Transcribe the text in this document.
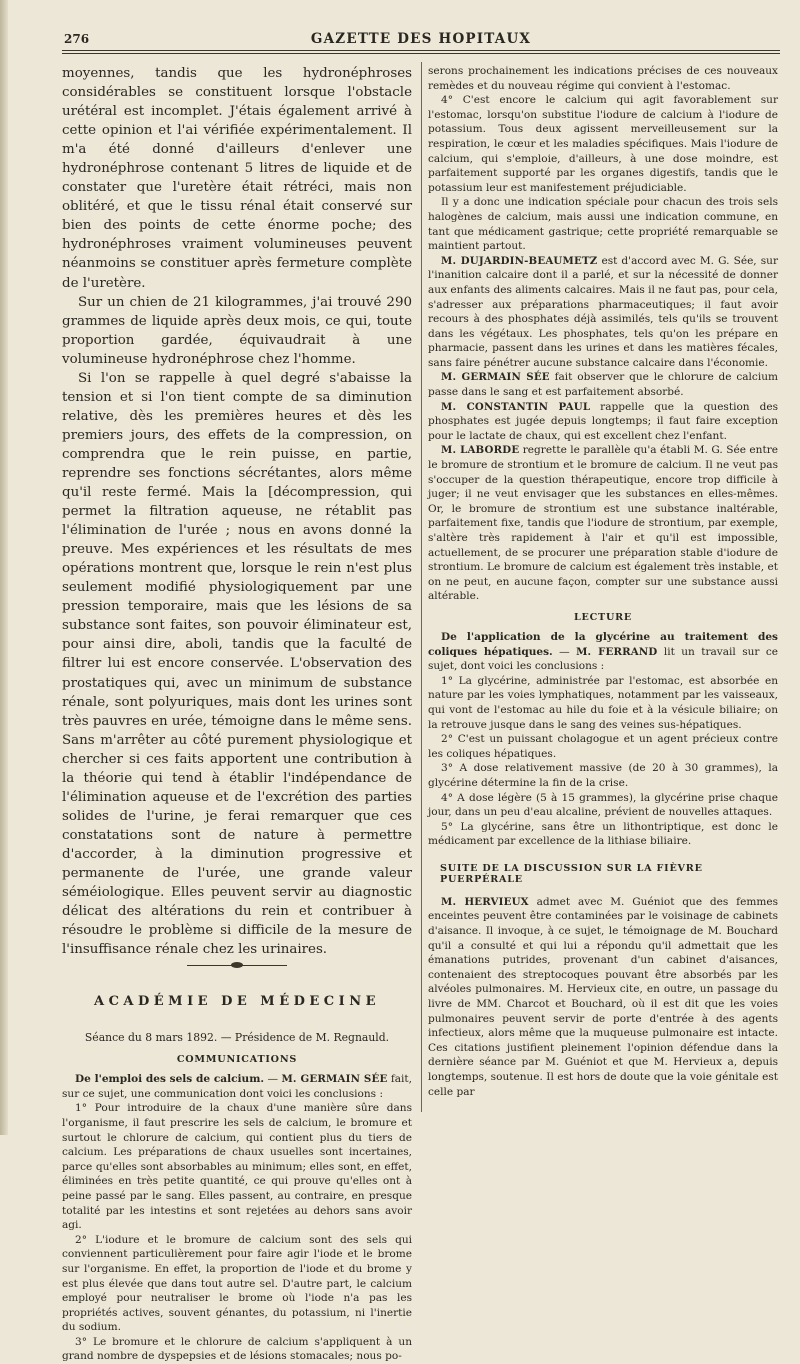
276	GAZETTE DES HOPITAUX

moyennes, tandis que les hydronéphroses considérables se constituent lorsque l'obstacle urétéral est incomplet. J'étais également arrivé à cette opinion et l'ai vérifiée expérimentalement. Il m'a été donné d'ailleurs d'enlever une hydronéphrose contenant 5 litres de liquide et de constater que l'uretère était rétréci, mais non oblitéré, et que le tissu rénal était conservé sur bien des points de cette énorme poche; des hydronéphroses vraiment volumineuses peuvent néanmoins se constituer après fermeture complète de l'uretère.

Sur un chien de 21 kilogrammes, j'ai trouvé 290 grammes de liquide après deux mois, ce qui, toute proportion gardée, équivaudrait à une volumineuse hydronéphrose chez l'homme.

Si l'on se rappelle à quel degré s'abaisse la tension et si l'on tient compte de sa diminution relative, dès les premières heures et dès les premiers jours, des effets de la compression, on comprendra que le rein puisse, en partie, reprendre ses fonctions sécrétantes, alors même qu'il reste fermé. Mais la [décompression, qui permet la filtration aqueuse, ne rétablit pas l'élimination de l'urée ; nous en avons donné la preuve. Mes expériences et les résultats de mes opérations montrent que, lorsque le rein n'est plus seulement modifié physiologiquement par une pression temporaire, mais que les lésions de sa substance sont faites, son pouvoir éliminateur est, pour ainsi dire, aboli, tandis que la faculté de filtrer lui est encore conservée. L'observation des prostatiques qui, avec un minimum de substance rénale, sont polyuriques, mais dont les urines sont très pauvres en urée, témoigne dans le même sens. Sans m'arrêter au côté purement physiologique et chercher si ces faits apportent une contribution à la théorie qui tend à établir l'indépendance de l'élimination aqueuse et de l'excrétion des parties solides de l'urine, je ferai remarquer que ces constatations sont de nature à permettre d'accorder, à la diminution progressive et permanente de l'urée, une grande valeur séméiologique. Elles peuvent servir au diagnostic délicat des altérations du rein et contribuer à résoudre le problème si difficile de la mesure de l'insuffisance rénale chez les urinaires.

ACADÉMIE DE MÉDECINE
Séance du 8 mars 1892. — Présidence de M. Regnauld.
COMMUNICATIONS

De l'emploi des sels de calcium. — M. GERMAIN SÉE fait, sur ce sujet, une communication dont voici les conclusions :

1° Pour introduire de la chaux d'une manière sûre dans l'organisme, il faut prescrire les sels de calcium, le bromure et surtout le chlorure de calcium, qui contient plus du tiers de calcium. Les préparations de chaux usuelles sont incertaines, parce qu'elles sont absorbables au minimum; elles sont, en effet, éliminées en très petite quantité, ce qui prouve qu'elles ont à peine passé par le sang. Elles passent, au contraire, en presque totalité par les intestins et sont rejetées au dehors sans avoir agi.

2° L'iodure et le bromure de calcium sont des sels qui conviennent particulièrement pour faire agir l'iode et le brome sur l'organisme. En effet, la proportion de l'iode et du brome y est plus élevée que dans tout autre sel. D'autre part, le calcium employé pour neutraliser le brome où l'iode n'a pas les propriétés actives, souvent génantes, du potassium, ni l'inertie du sodium.

3° Le bromure et le chlorure de calcium s'appliquent à un grand nombre de dyspepsies et de lésions stomacales; nous po-

serons prochainement les indications précises de ces nouveaux remèdes et du nouveau régime qui convient à l'estomac.

4° C'est encore le calcium qui agit favorablement sur l'estomac, lorsqu'on substitue l'iodure de calcium à l'iodure de potassium. Tous deux agissent merveilleusement sur la respiration, le cœur et les maladies spécifiques. Mais l'iodure de calcium, qui s'emploie, d'ailleurs, à une dose moindre, est parfaitement supporté par les organes digestifs, tandis que le potassium leur est manifestement préjudiciable.

Il y a donc une indication spéciale pour chacun des trois sels halogènes de calcium, mais aussi une indication commune, en tant que médicament gastrique; cette propriété remarquable se maintient partout.

M. DUJARDIN-BEAUMETZ est d'accord avec M. G. Sée, sur l'inanition calcaire dont il a parlé, et sur la nécessité de donner aux enfants des aliments calcaires. Mais il ne faut pas, pour cela, s'adresser aux préparations pharmaceutiques; il faut avoir recours à des phosphates déjà assimilés, tels qu'ils se trouvent dans les végétaux. Les phosphates, tels qu'on les prépare en pharmacie, passent dans les urines et dans les matières fécales, sans faire pénétrer aucune substance calcaire dans l'économie.

M. GERMAIN SÉE fait observer que le chlorure de calcium passe dans le sang et est parfaitement absorbé.

M. CONSTANTIN PAUL rappelle que la question des phosphates est jugée depuis longtemps; il faut faire exception pour le lactate de chaux, qui est excellent chez l'enfant.

M. LABORDE regrette le parallèle qu'a établi M. G. Sée entre le bromure de strontium et le bromure de calcium. Il ne veut pas s'occuper de la question thérapeutique, encore trop difficile à juger; il ne veut envisager que les substances en elles-mêmes. Or, le bromure de strontium est une substance inaltérable, parfaitement fixe, tandis que l'iodure de strontium, par exemple, s'altère très rapidement à l'air et qu'il est impossible, actuellement, de se procurer une préparation stable d'iodure de strontium. Le bromure de calcium est également très instable, et on ne peut, en aucune façon, compter sur une substance aussi altérable.

LECTURE

De l'application de la glycérine au traitement des coliques hépatiques. — M. FERRAND lit un travail sur ce sujet, dont voici les conclusions :

1° La glycérine, administrée par l'estomac, est absorbée en nature par les voies lymphatiques, notamment par les vaisseaux, qui vont de l'estomac au hile du foie et à la vésicule biliaire; on la retrouve jusque dans le sang des veines sus-hépatiques.

2° C'est un puissant cholagogue et un agent précieux contre les coliques hépatiques.

3° A dose relativement massive (de 20 à 30 grammes), la glycérine détermine la fin de la crise.

4° A dose légère (5 à 15 grammes), la glycérine prise chaque jour, dans un peu d'eau alcaline, prévient de nouvelles attaques.

5° La glycérine, sans être un lithontriptique, est donc le médicament par excellence de la lithiase biliaire.

SUITE DE LA DISCUSSION SUR LA FIÈVRE PUERPÉRALE

M. HERVIEUX admet avec M. Guéniot que des femmes enceintes peuvent être contaminées par le voisinage de cabinets d'aisance. Il invoque, à ce sujet, le témoignage de M. Bouchard qu'il a consulté et qui lui a répondu qu'il admettait que les émanations putrides, provenant d'un cabinet d'aisances, contenaient des streptocoques pouvant être absorbés par les alvéoles pulmonaires. M. Hervieux cite, en outre, un passage du livre de MM. Charcot et Bouchard, où il est dit que les voies pulmonaires peuvent servir de porte d'entrée à des agents infectieux, alors même que la muqueuse pulmonaire est intacte. Ces citations justifient pleinement l'opinion défendue dans la dernière séance par M. Guéniot et que M. Hervieux a, depuis longtemps, soutenue. Il est hors de doute que la voie génitale est celle par
